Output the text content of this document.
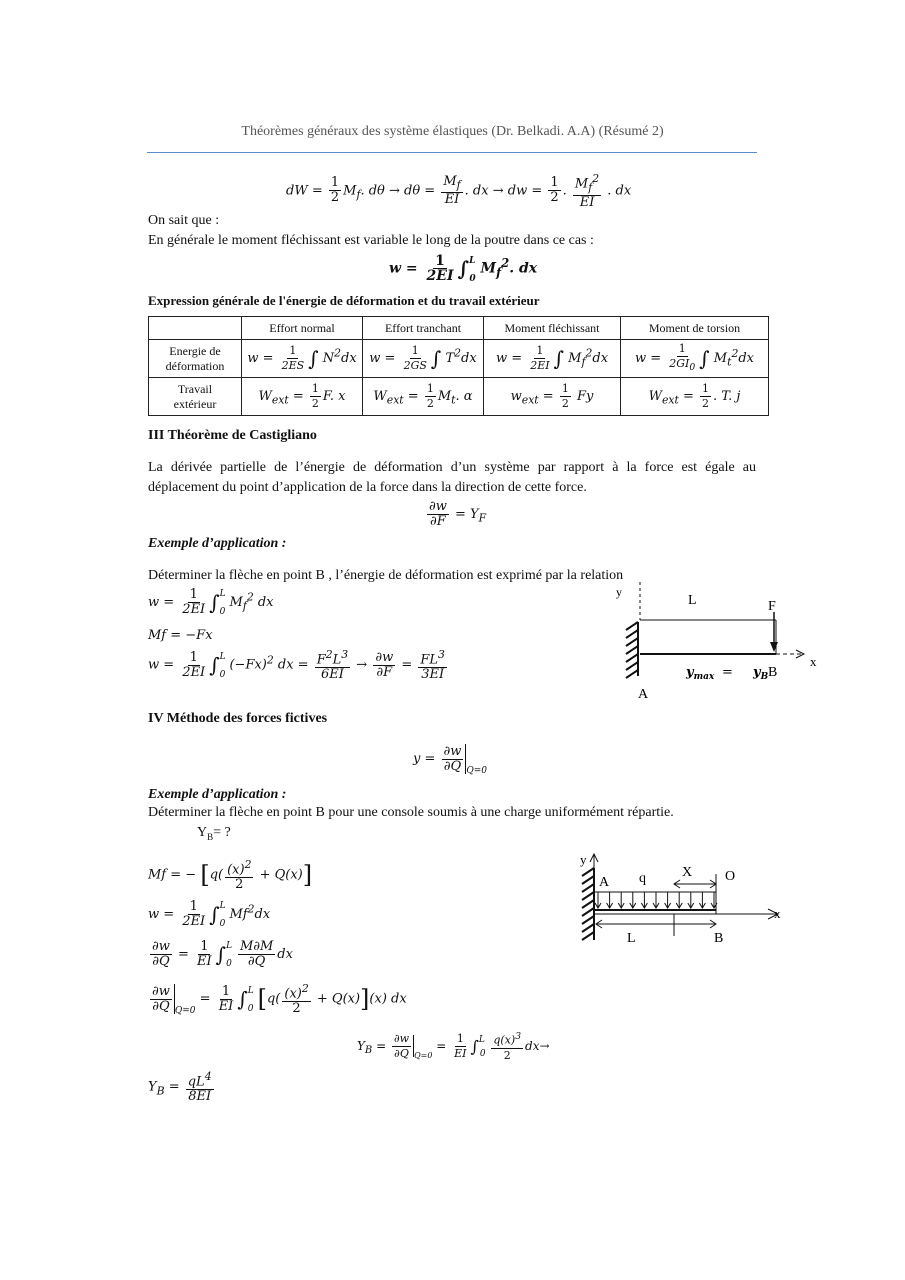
Théorèmes généraux des système élastiques (Dr. Belkadi. A.A) (Résumé 2)
dW = $\frac{1}{2} M_f$. $d\theta \to d\theta = \frac{M_f}{EI}$ . dx → dw = $\frac{1}{2}$ . $\frac{M_f^2}{EI}$ . dx
On sait que :
En générale le moment fléchissant est variable le long de la poutre dans ce cas :
$w = \frac{1}{2EI} \int^L_0$ $M_f^2$. dx
Expression générale de l'énergie de déformation et du travail extérieur
	Effort normal	Effort tranchant	Moment fléchissant	Moment de torsion
Energie de
déformation	$w = \frac{1}{2ES}$ ∫ $N^2dx$	$w = \frac{1}{2GS}$ ∫ $T^2dx$	$w = \frac{1}{2EI}$ ∫ $M_f^2dx$	$w = \frac{1}{2GI_0}$ ∫ $M_t^2dx$
Travail
extérieur	$W_{ext} = \frac{1}{2} F$. x	$W_{ext} = \frac{1}{2} M_t$. α	$w_{ext} = \frac{1}{2}$ Fy	$W_{ext} = \frac{1}{2}$ . T. j
III Théorème de Castigliano
La dérivée partielle de l’énergie de déformation d’un système par rapport à la force est égale au déplacement du point d’application de la force dans la direction de cette force.
$\frac{\partial w}{\partial F} = Y_F$
Exemple d’application :
Déterminer la flèche en point B , l’énergie de déformation est exprimé par la relation
$w = \frac{1}{2EI} \int^L_0$ $M_f^2$ dx
Mf = −Fx
$w = \frac{1}{2EI} \int^L_0$ $(-Fx)^2$ dx = $\frac{F^2L^3}{6EI} \to \frac{\partial w}{\partial F} = \frac{FL^3}{3EI}$
y
L	F
x
A
$y_{max} = y_B$ B
IV Méthode des forces fictives
$y = \frac{\partial w}{\partial Q} _{Q=0}$
Exemple d’application :
Déterminer la flèche en point B pour une console soumis à une charge uniformément répartie.
$Y_B=$ ?
Mf = − [$q( \frac{(x)^2}{2} + Q(x)]$
$w = \frac{1}{2EI} \int^L_0$ Mf$^2$dx
$\frac{\partial w}{\partial Q} = \frac{1}{EI} \int^L_0 \frac{M\partial M}{\partial Q}$ dx
$\frac{\partial w}{\partial Q} _{Q=0} = \frac{1}{EI} \int^L_0$ [$q( \frac{(x)^2}{2} + Q(x)](x)$ dx
$Y_B = \frac{\partial w}{\partial Q} _{Q=0} = \frac{1}{EI} \int^L_0 \frac{q(x)^3}{2} dx\to$
$Y_B = \frac{qL^4}{8EI}$
y
A q	X O
x
L	B
